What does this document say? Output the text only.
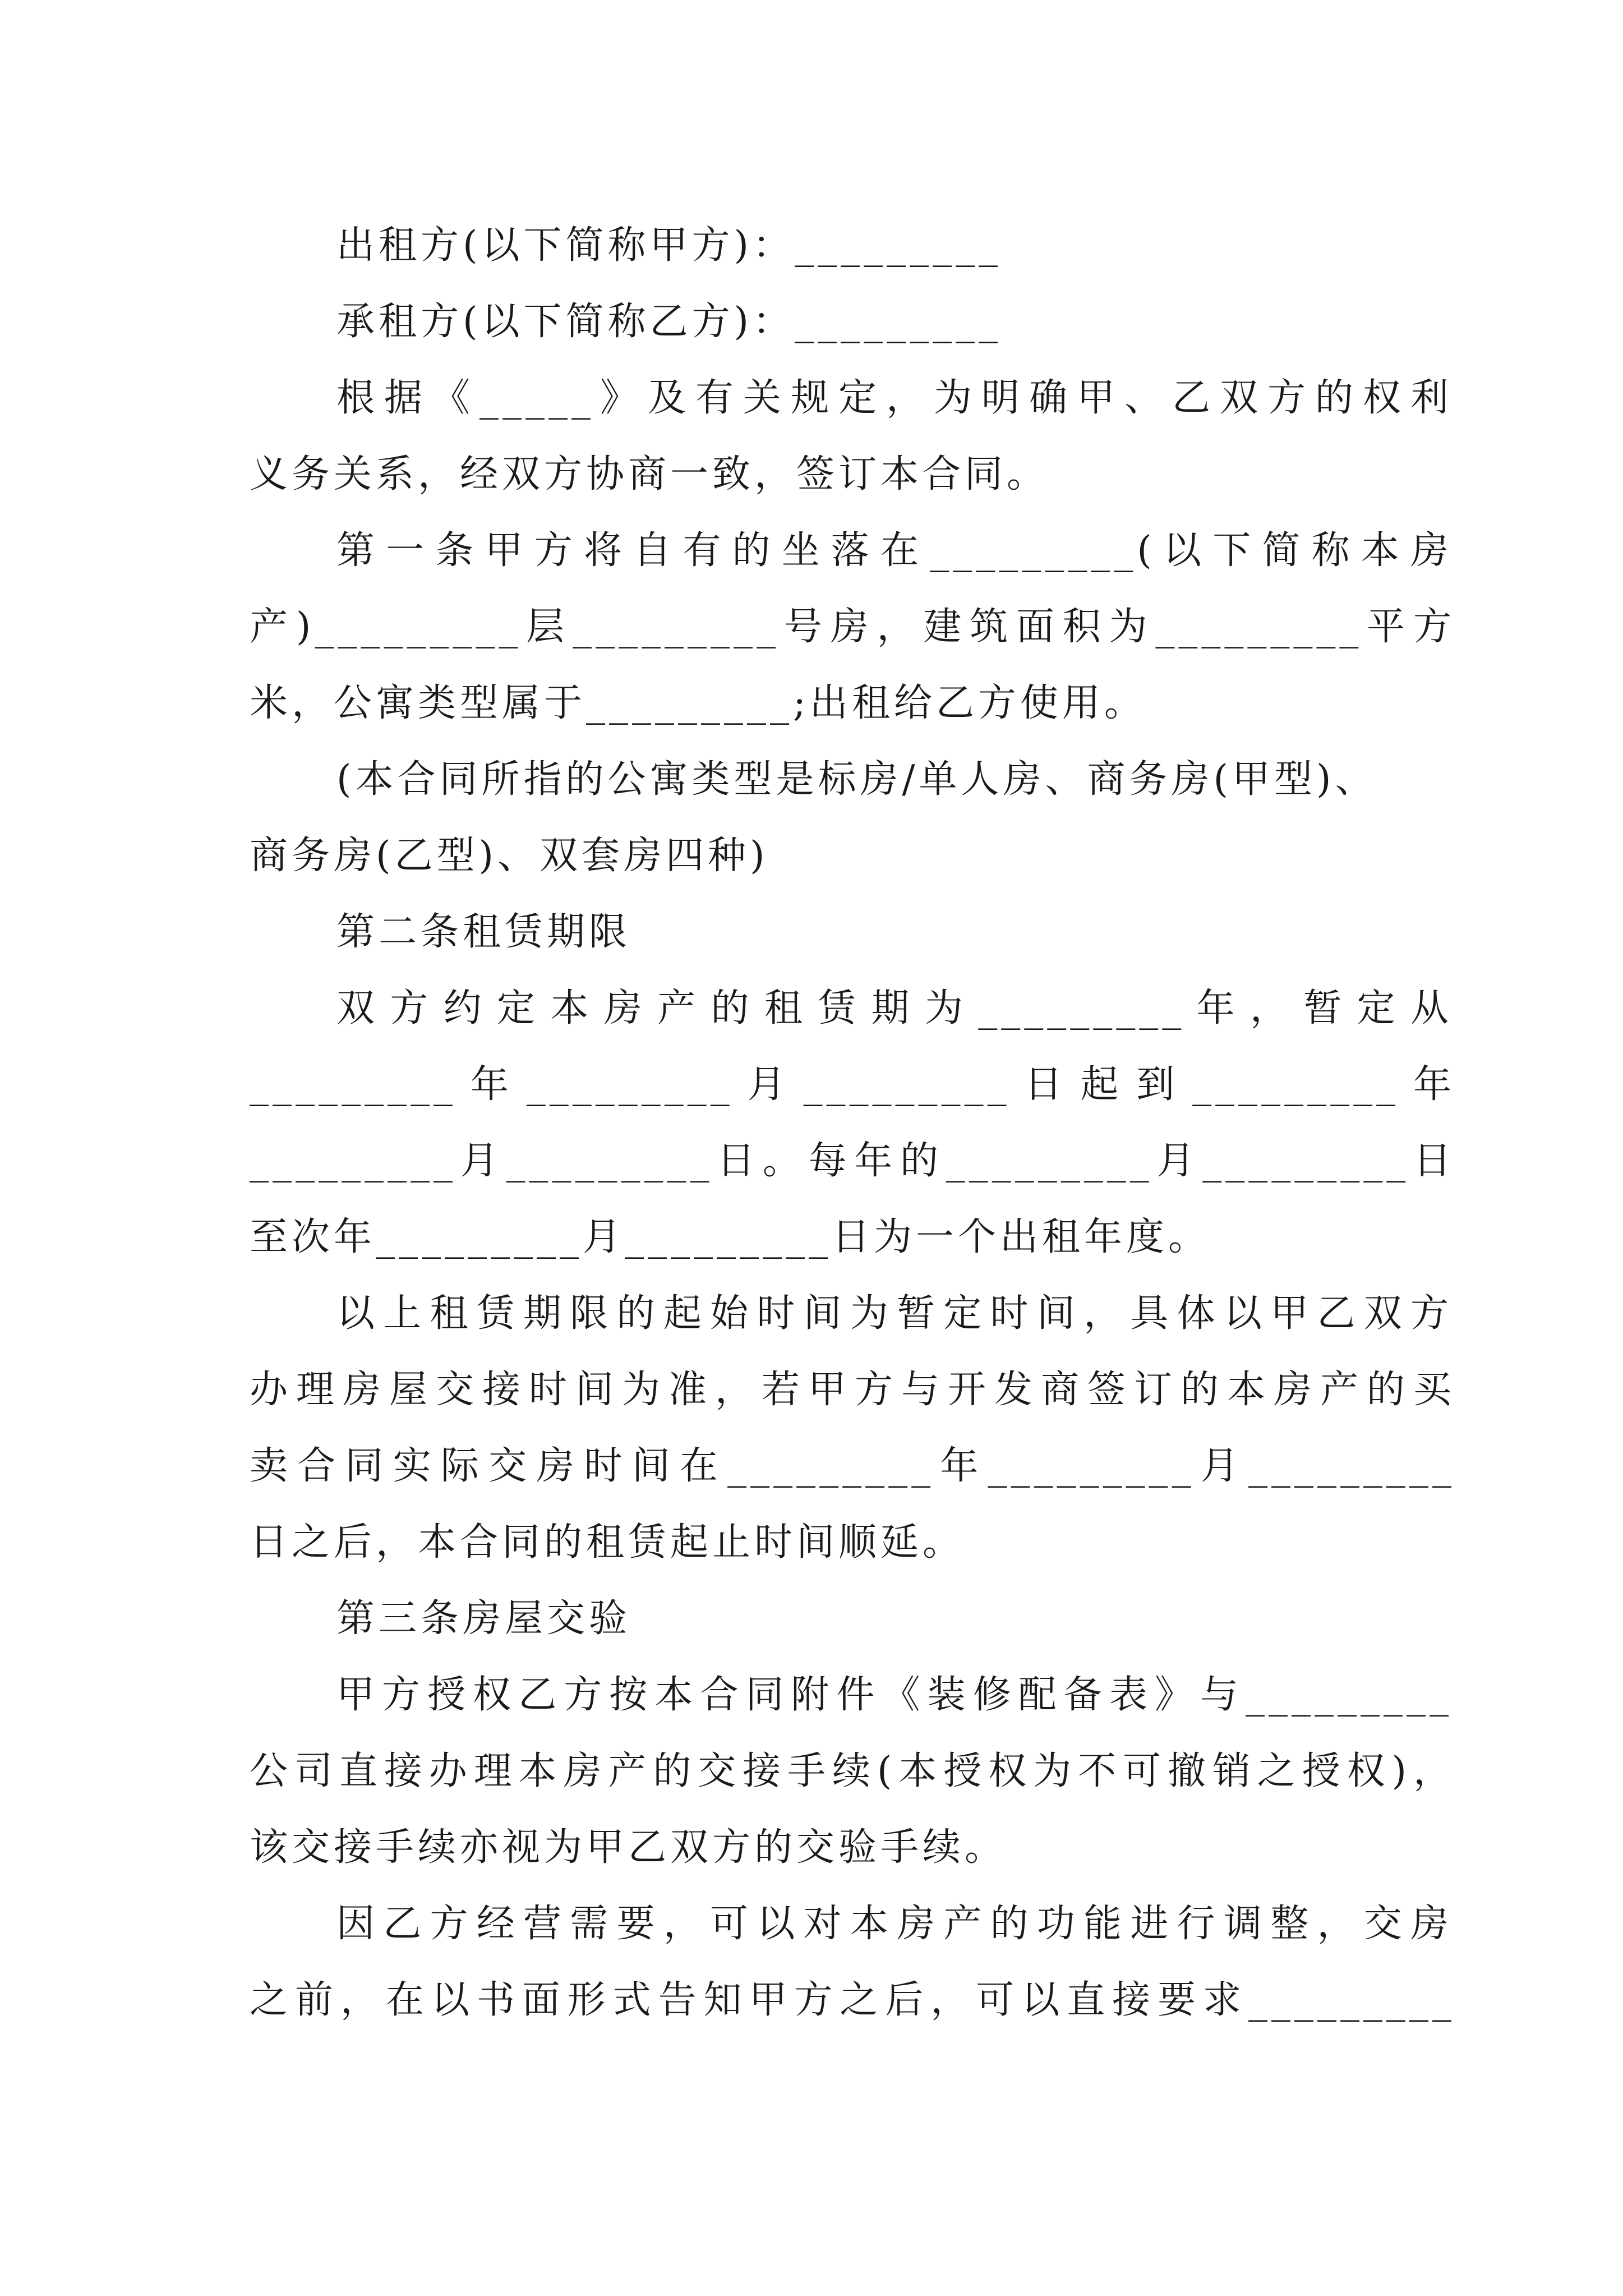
出租方(以下简称甲方)：_________
承租方(以下简称乙方)：_________
根据《_____》及有关规定，为明确甲、乙双方的权利
义务关系，经双方协商一致，签订本合同。
第一条甲方将自有的坐落在_________(以下简称本房
产)_________层_________号房，建筑面积为_________平方
米，公寓类型属于_________;出租给乙方使用。
(本合同所指的公寓类型是标房/单人房、商务房(甲型)、
商务房(乙型)、双套房四种)
第二条租赁期限
双方约定本房产的租赁期为_________年，暂定从
_________年_________月_________日起到_________年
_________月_________日。每年的_________月_________日
至次年_________月_________日为一个出租年度。
以上租赁期限的起始时间为暂定时间，具体以甲乙双方
办理房屋交接时间为准，若甲方与开发商签订的本房产的买
卖合同实际交房时间在_________年_________月_________
日之后，本合同的租赁起止时间顺延。
第三条房屋交验
甲方授权乙方按本合同附件《装修配备表》与_________
公司直接办理本房产的交接手续(本授权为不可撤销之授权)，
该交接手续亦视为甲乙双方的交验手续。
因乙方经营需要，可以对本房产的功能进行调整，交房
之前，在以书面形式告知甲方之后，可以直接要求_________
